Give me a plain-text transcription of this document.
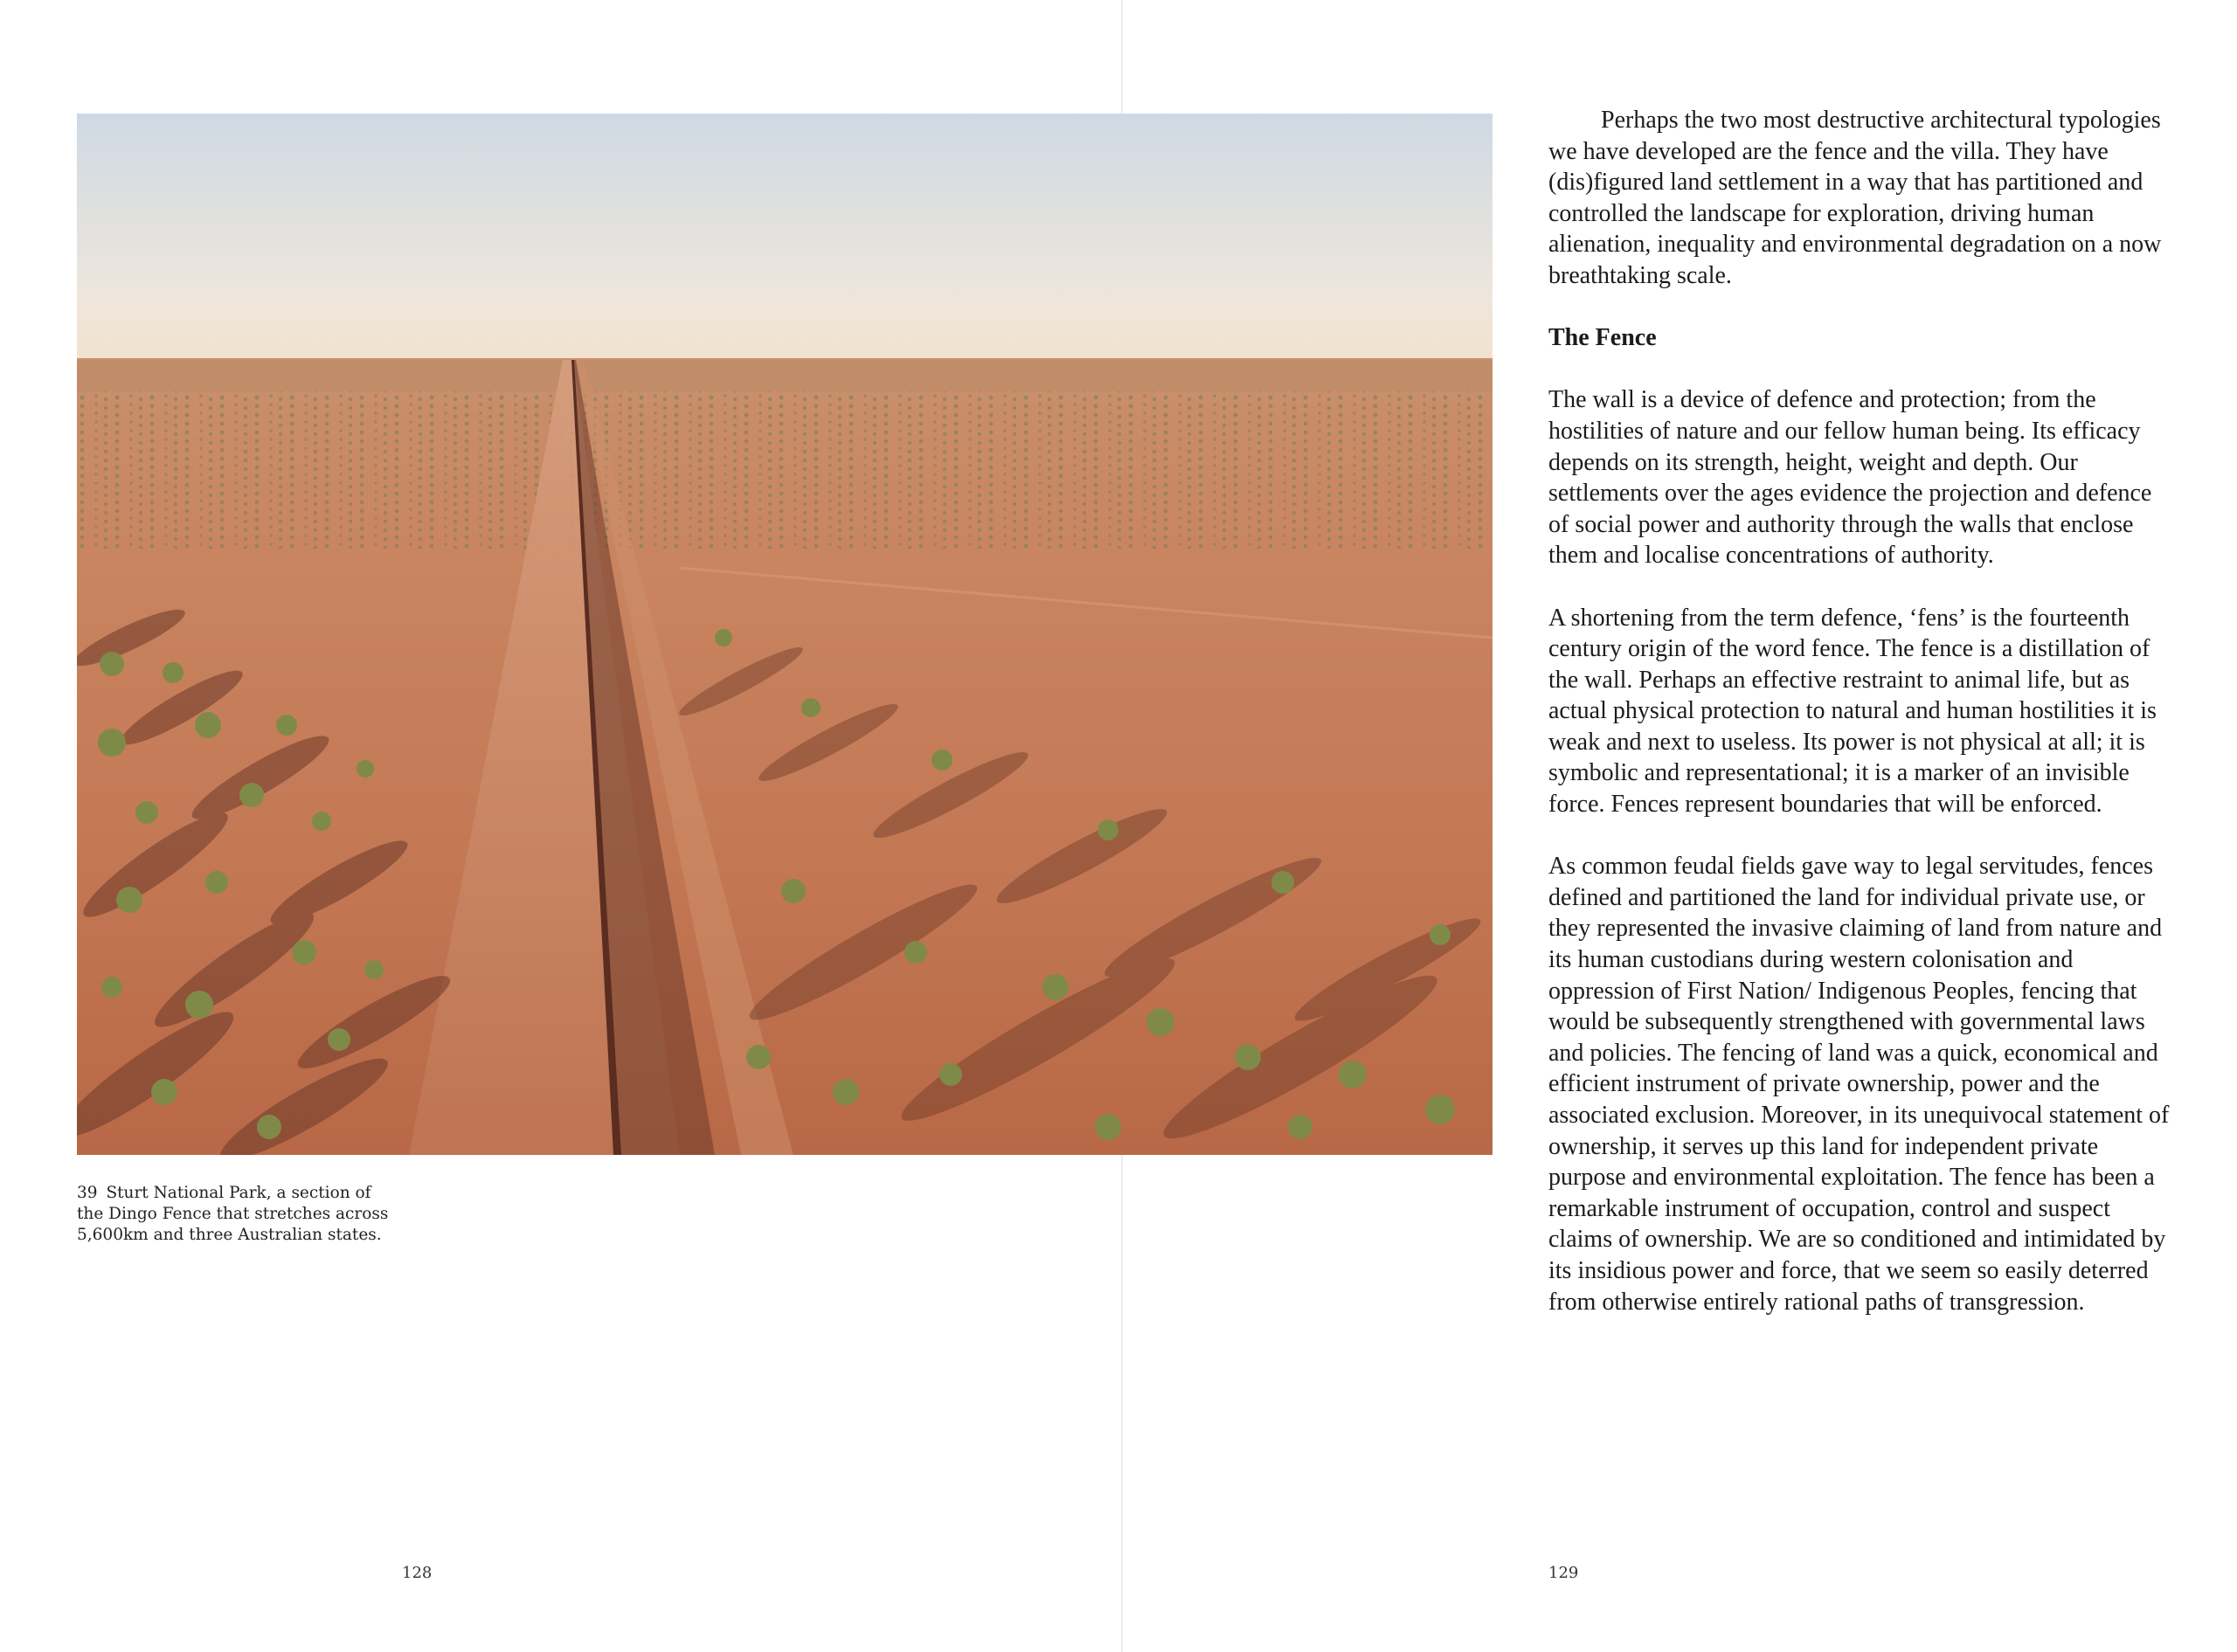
39 Sturt National Park, a section of the Dingo Fence that stretches across 5,600km and three Australian states.
128	129

Perhaps the two most destructive architectural typologies we have developed are the fence and the villa. They have (dis)figured land settlement in a way that has partitioned and controlled the landscape for exploration, driving human alienation, inequality and environmental degradation on a now breathtaking scale.

The Fence

The wall is a device of defence and protection; from the hostilities of nature and our fellow human being. Its efficacy depends on its strength, height, weight and depth. Our settlements over the ages evidence the projection and defence of social power and authority through the walls that enclose them and localise concentrations of authority.

A shortening from the term defence, ‘fens’ is the fourteenth century origin of the word fence. The fence is a distillation of the wall. Perhaps an effective restraint to animal life, but as actual physical protection to natural and human hostilities it is weak and next to useless. Its power is not physical at all; it is symbolic and representational; it is a marker of an invisible force. Fences represent boundaries that will be enforced.

As common feudal fields gave way to legal servitudes, fences defined and partitioned the land for individual private use, or they represented the invasive claiming of land from nature and its human custodians during western colonisation and oppression of First Nation/ Indigenous Peoples, fencing that would be subsequently strengthened with governmental laws and policies. The fencing of land was a quick, economical and efficient instrument of private ownership, power and the associated exclusion. Moreover, in its unequivocal statement of ownership, it serves up this land for independent private purpose and environmental exploitation. The fence has been a remarkable instrument of occupation, control and suspect claims of ownership. We are so conditioned and intimidated by its insidious power and force, that we seem so easily deterred from otherwise entirely rational paths of transgression.
